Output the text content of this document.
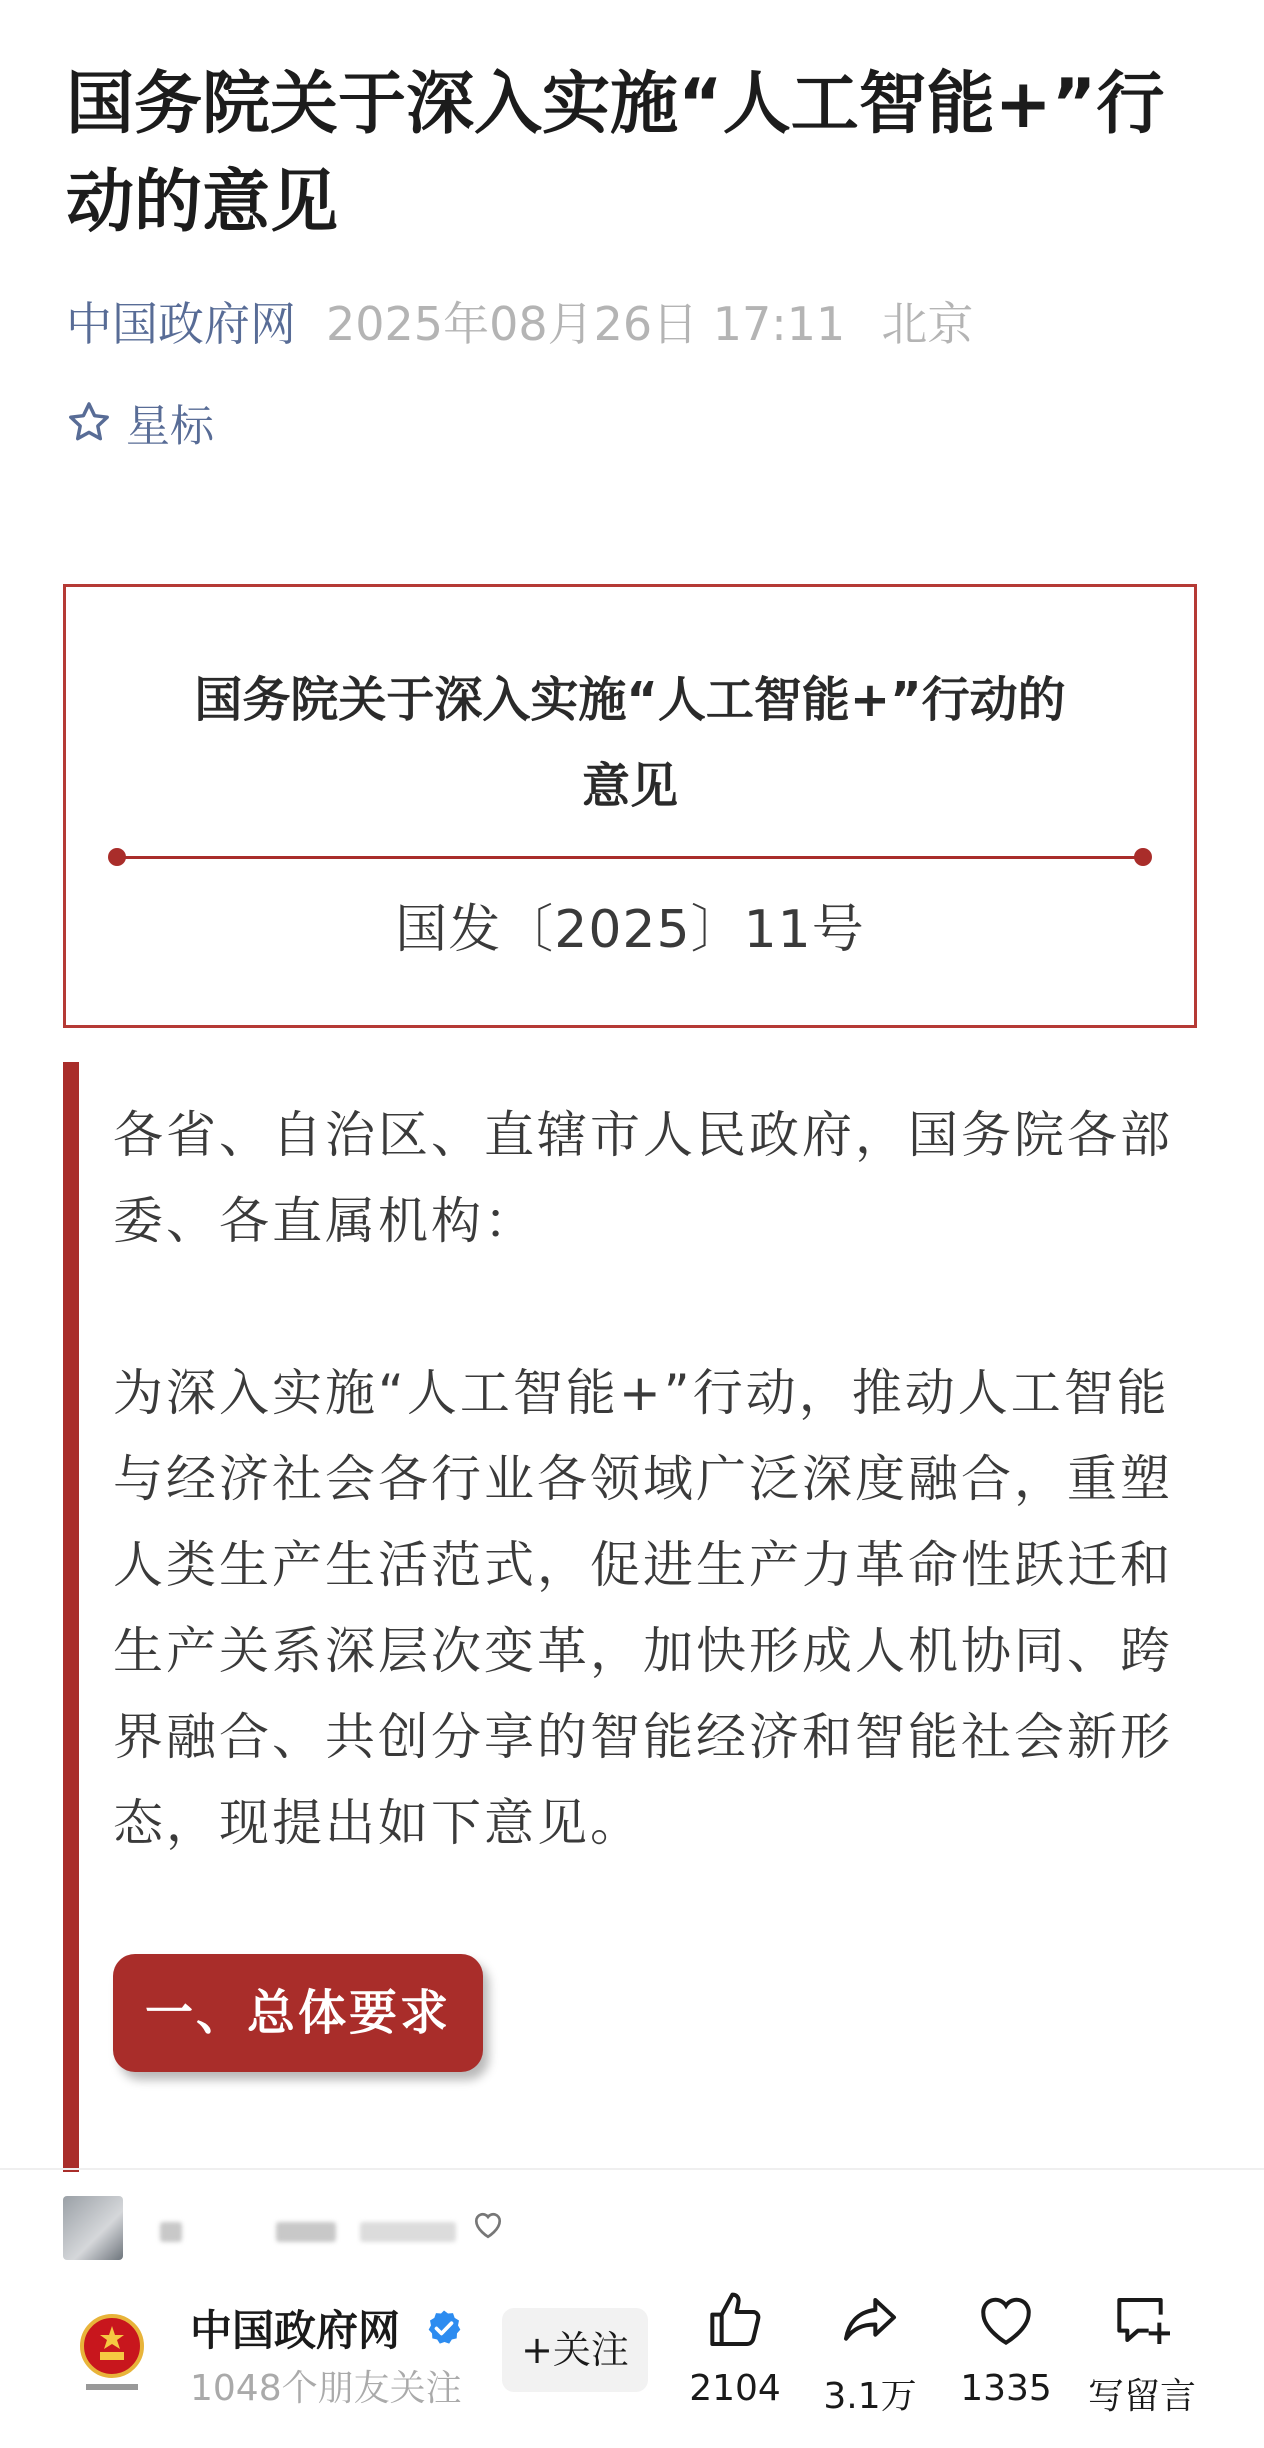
国务院关于深入实施“人工智能+”行动的意见
中国政府网 2025年08月26日 17:11 北京
星标
国务院关于深入实施“人工智能+”行动的意见
国发〔2025〕11号

各省、自治区、直辖市人民政府，国务院各部委、各直属机构：

为深入实施“人工智能+”行动，推动人工智能与经济社会各行业各领域广泛深度融合，重塑人类生产生活范式，促进生产力革命性跃迁和生产关系深层次变革，加快形成人机协同、跨界融合、共创分享的智能经济和智能社会新形态，现提出如下意见。

一、总体要求
中国政府网
1048个朋友关注
+关注
2104	3.1万	1335	写留言
